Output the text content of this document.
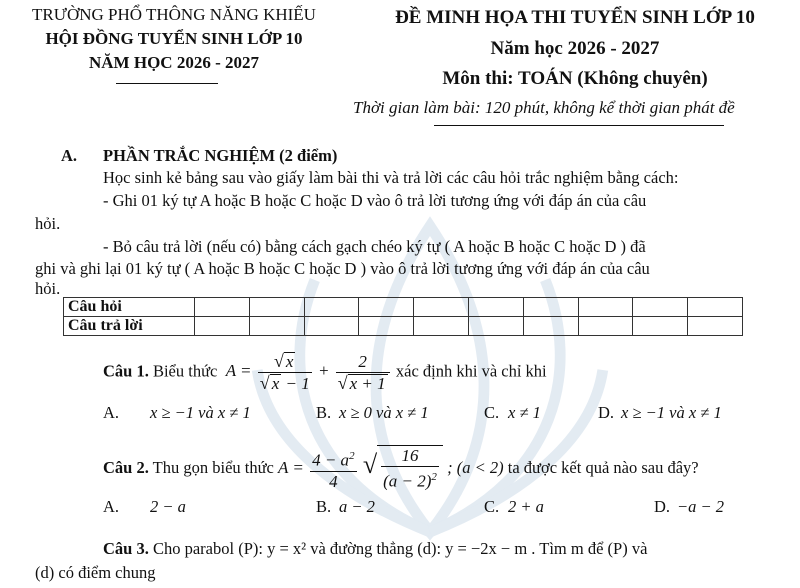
TRƯỜNG PHỔ THÔNG NĂNG KHIẾU
HỘI ĐỒNG TUYỂN SINH LỚP 10
NĂM HỌC 2026 - 2027
ĐỀ MINH HỌA THI TUYỂN SINH LỚP 10
Năm học 2026 - 2027
Môn thi: TOÁN (Không chuyên)
Thời gian làm bài: 120 phút, không kể thời gian phát đề
A. PHẦN TRẮC NGHIỆM (2 điểm)
Học sinh kẻ bảng sau vào giấy làm bài thi và trả lời các câu hỏi trắc nghiệm bằng cách:
- Ghi 01 ký tự A hoặc B hoặc C hoặc D vào ô trả lời tương ứng với đáp án của câu
hỏi.
- Bỏ câu trả lời (nếu có) bằng cách gạch chéo ký tự ( A hoặc B hoặc C hoặc D ) đã
ghi và ghi lại 01 ký tự ( A hoặc B hoặc C hoặc D ) vào ô trả lời tương ứng với đáp án của câu
hỏi.
Câu hỏi										
Câu trả lời										
Câu 1. Biểu thức  $A = \frac{√ x}{√ x - 1} + \frac{2}{√ x + 1}$ xác định khi và chỉ khi
A. x ≥ −1 và x ≠ 1	B. x ≥ 0 và x ≠ 1	C. x ≠ 1	D. x ≥ −1 và x ≠ 1
Câu 2. Thu gọn biểu thức $A = \frac{4 - a^2}{4}$ √ $\frac{16}{(a - 2)^2}$ ; (a < 2) ta được kết quả nào sau đây?
A. 2 − a	B. a − 2	C. 2 + a	D. −a − 2
Câu 3. Cho parabol (P): y = x² và đường thẳng (d): y = −2x − m . Tìm m để (P) và
(d) có điểm chung
